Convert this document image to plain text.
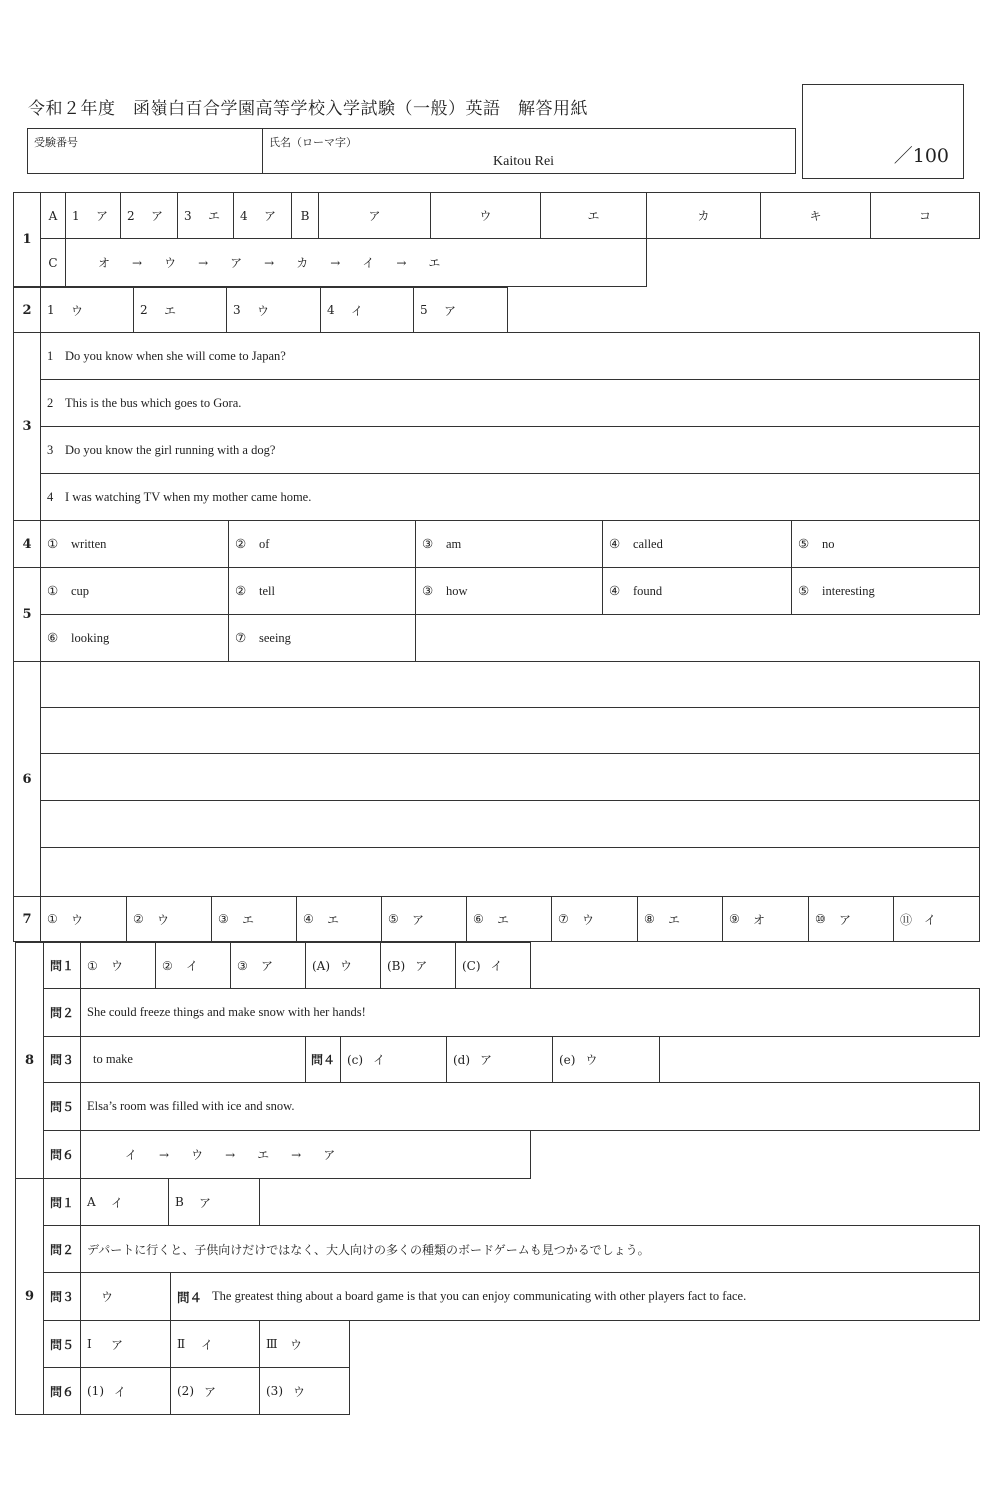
令和２年度　函嶺白百合学園高等学校入学試験（一般）英語　解答用紙
受験番号	氏名（ローマ字）
Kaitou Rei	／100
1
A	1	ア 2	ア 3	エ 4	ア	B	ア	ウ	エ	カ	キ	コ
C	オ → ウ → ア → カ → イ → エ
2	1	ウ	2	エ	3	ウ	4	イ	5	ア
3
1 Do you know when she will come to Japan?
2 This is the bus which goes to Gora.
3 Do you know the girl running with a dog?
4 I was watching TV when my mother came home.
4	① written	② of	③ am	④ called	⑤ no
5
① cup	② tell	③ how	④ found	⑤ interesting
⑥ looking	⑦ seeing
6
7	① ウ	② ウ	③ エ	④ エ	⑤ ア	⑥ エ	⑦ ウ	⑧ エ	⑨ オ	⑩ ア	⑪ イ
8
問１	① ウ	② イ	③ ア	(A) ウ	(B) ア	(C) イ
問２	She could freeze things and make snow with her hands!
問３	to make	問４	(c) イ	(d) ア	(e) ウ
問５	Elsa’s room was filled with ice and snow.
問６	イ → ウ → エ → ア
9
問１	A	イ	B	ア
問２	デパートに行くと、子供向けだけではなく、大人向けの多くの種類のボードゲームも見つかるでしょう。
問３	ウ	問４ The greatest thing about a board game is that you can enjoy communicating with other players fact to face.
問５	Ⅰ	ア	Ⅱ	イ	Ⅲ ウ
問６	(1) イ	(2) ア	(3) ウ
